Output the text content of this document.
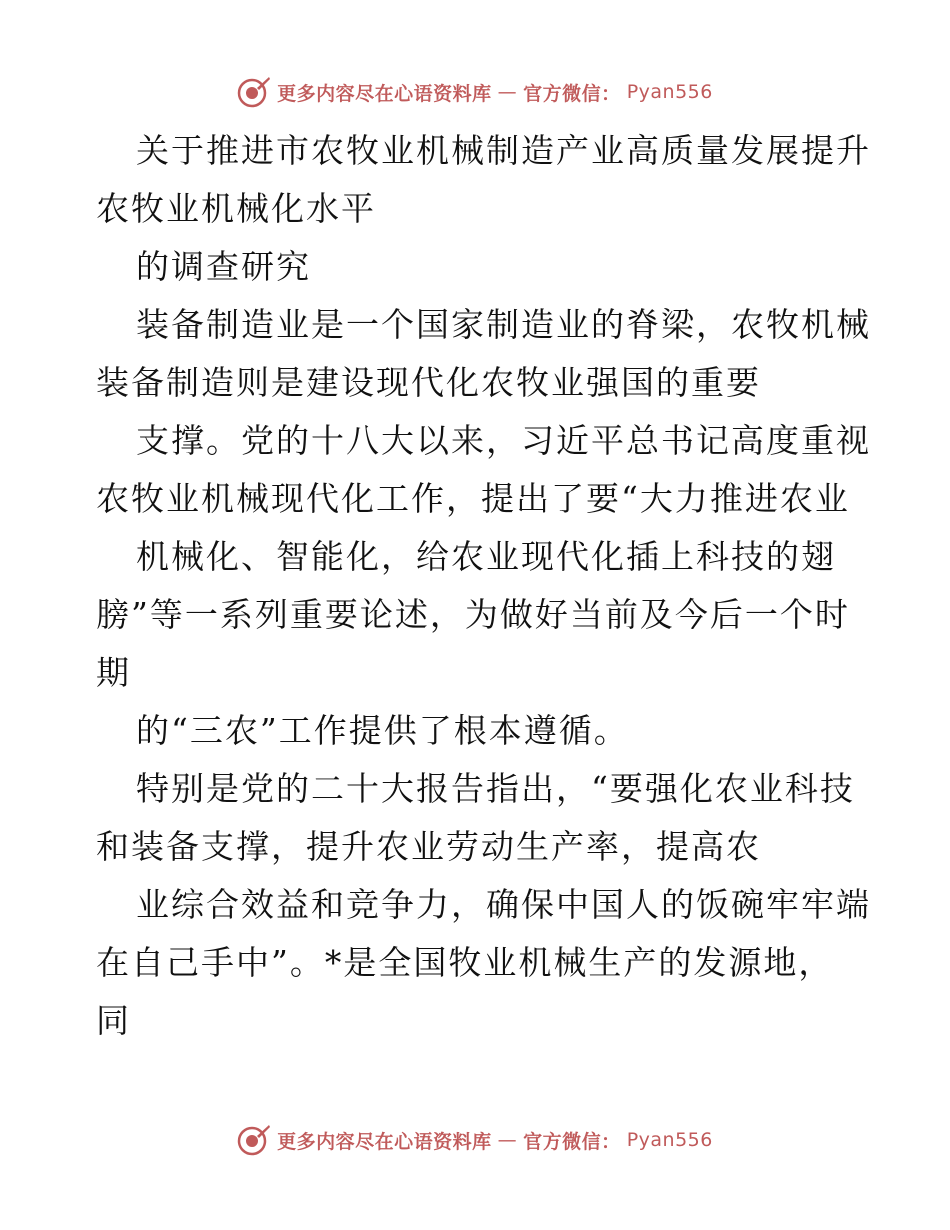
更多内容尽在心语资料库 — 官方微信： Pyan556
关于推进市农牧业机械制造产业高质量发展提升
农牧业机械化水平
的调查研究
装备制造业是一个国家制造业的脊梁，农牧机械
装备制造则是建设现代化农牧业强国的重要
支撑。党的十八大以来，习近平总书记高度重视
农牧业机械现代化工作，提出了要“大力推进农业
机械化、智能化，给农业现代化插上科技的翅
膀”等一系列重要论述，为做好当前及今后一个时
期
的“三农”工作提供了根本遵循。
特别是党的二十大报告指出，“要强化农业科技
和装备支撑，提升农业劳动生产率，提高农
业综合效益和竞争力，确保中国人的饭碗牢牢端
在自己手中”。*是全国牧业机械生产的发源地，
同
更多内容尽在心语资料库 — 官方微信： Pyan556
